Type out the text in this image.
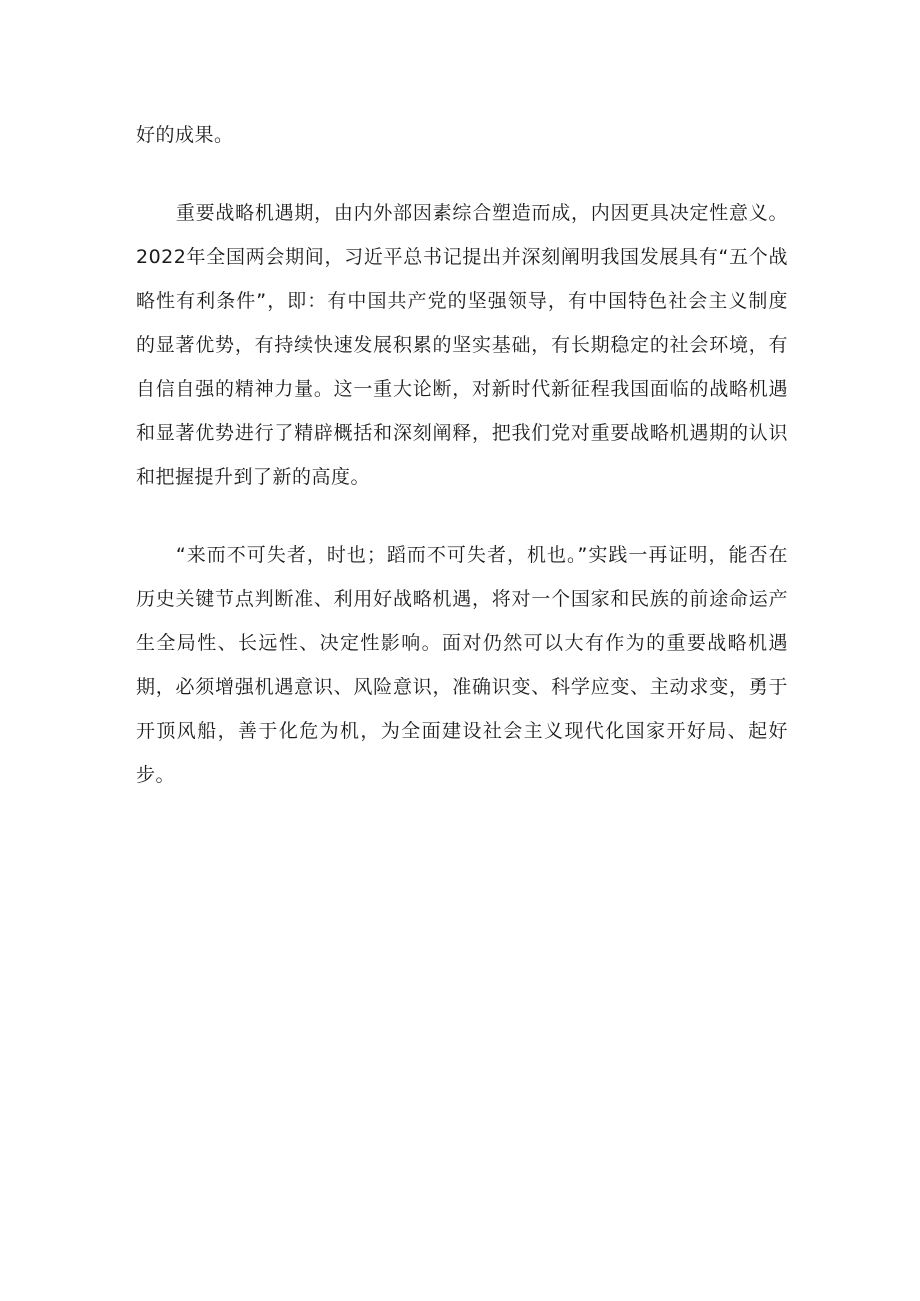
好的成果。

重要战略机遇期，由内外部因素综合塑造而成，内因更具决定性意义。2022年全国两会期间，习近平总书记提出并深刻阐明我国发展具有“五个战略性有利条件”，即：有中国共产党的坚强领导，有中国特色社会主义制度的显著优势，有持续快速发展积累的坚实基础，有长期稳定的社会环境，有自信自强的精神力量。这一重大论断，对新时代新征程我国面临的战略机遇和显著优势进行了精辟概括和深刻阐释，把我们党对重要战略机遇期的认识和把握提升到了新的高度。

“来而不可失者，时也；蹈而不可失者，机也。”实践一再证明，能否在历史关键节点判断准、利用好战略机遇，将对一个国家和民族的前途命运产生全局性、长远性、决定性影响。面对仍然可以大有作为的重要战略机遇期，必须增强机遇意识、风险意识，准确识变、科学应变、主动求变，勇于开顶风船，善于化危为机，为全面建设社会主义现代化国家开好局、起好步。
